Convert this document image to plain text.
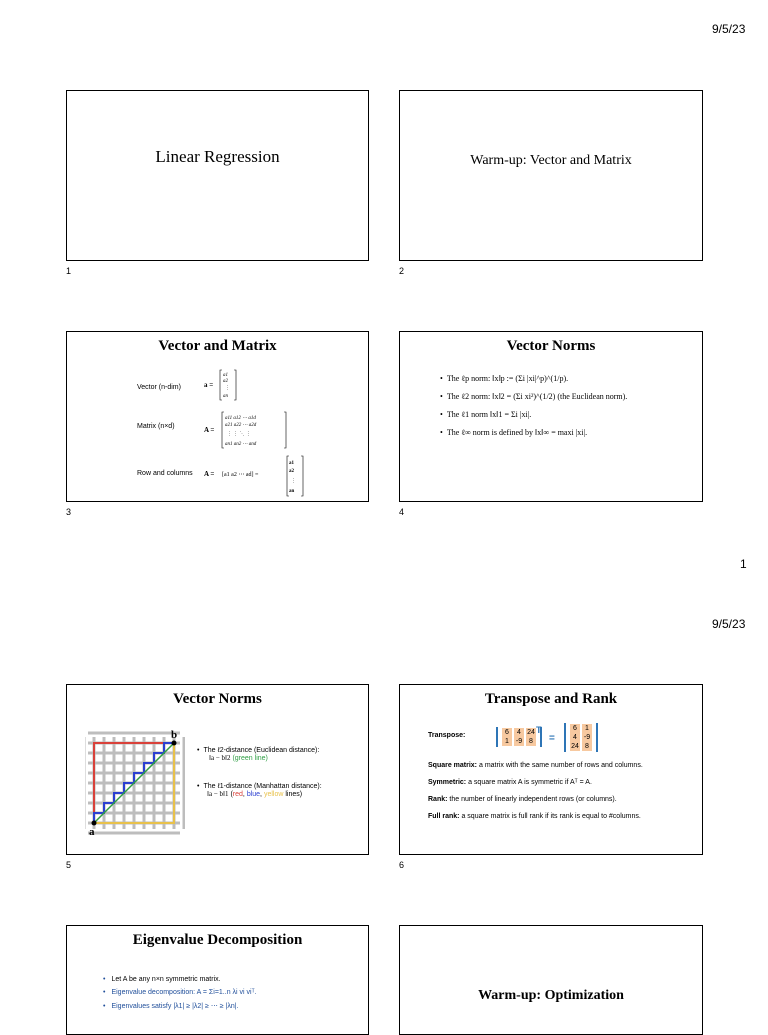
9/5/23
Linear Regression
1
Warm-up: Vector and Matrix
2
Vector and Matrix
Vector (n-dim)	a =
a1
a2
⋮
an
Matrix (n×d)	A =
a11 a12 ⋯ a1d
a21 a22 ⋯ a2d
⋮ ⋮ ⋱ ⋮
an1 an2 ⋯ and
Row and columns A = [a1 a2 ⋯ ad] =
a1
a2
⋮
an
3
Vector Norms
• The ℓp norm: ‖x‖p := (Σi |xi|^p)^(1/p).
• The ℓ2 norm: ‖x‖2 = (Σi xi²)^(1/2) (the Euclidean norm).
• The ℓ1 norm ‖x‖1 = Σi |xi|.
• The ℓ∞ norm is defined by ‖x‖∞ = maxi |xi|.
4
1
9/5/23
Vector Norms
a
b
• The ℓ2-distance (Euclidean distance):
‖a − b‖2 (green line)
• The ℓ1-distance (Manhattan distance):
‖a − b‖1 (red, blue, yellow lines)
5
Transpose and Rank
Transpose:	6	4 24
1 -9 8
T
=
6	1
4 -9
24 8
Square matrix: a matrix with the same number of rows and columns.
Symmetric: a square matrix A is symmetric if Aᵀ = A.
Rank: the number of linearly independent rows (or columns).
Full rank: a square matrix is full rank if its rank is equal to #columns.
6
Eigenvalue Decomposition
• Let A be any n×n symmetric matrix.
• Eigenvalue decomposition: A = Σi=1..n λi vi viᵀ.
• Eigenvalues satisfy |λ1| ≥ |λ2| ≥ ⋯ ≥ |λn|.
Warm-up: Optimization
